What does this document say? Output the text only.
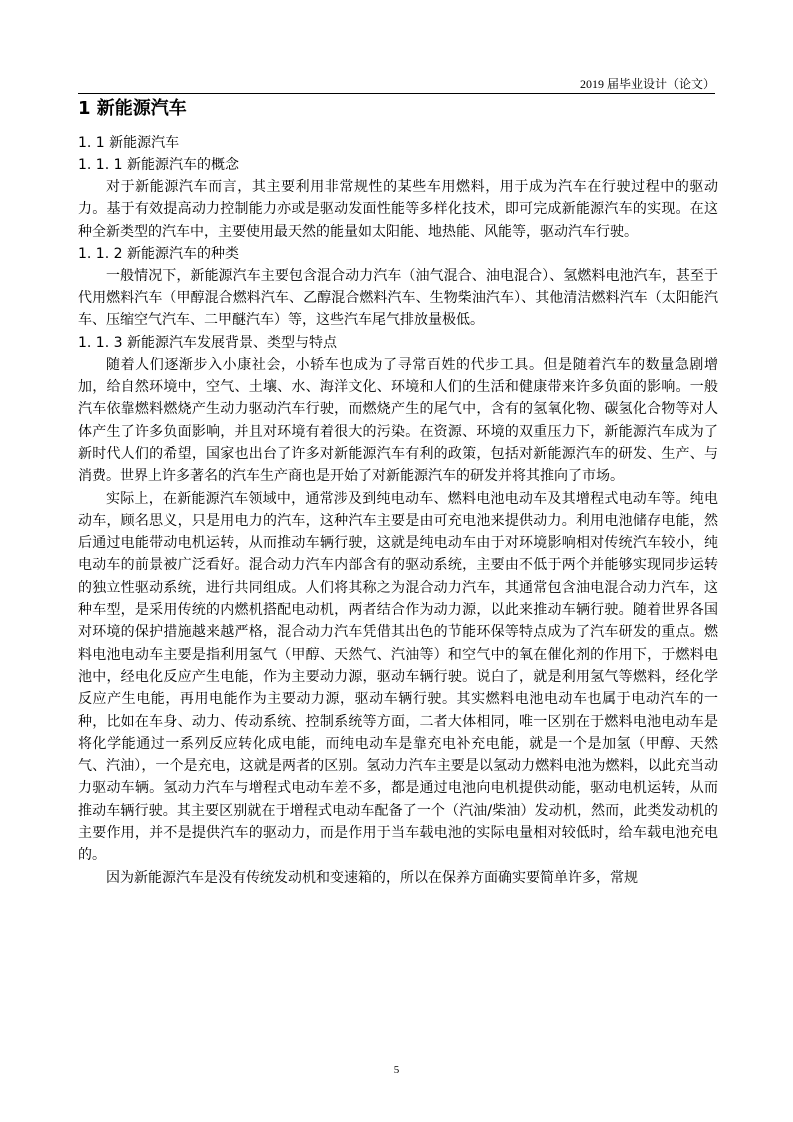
2019 届毕业设计（论文）
1 新能源汽车

1. 1 新能源汽车

1. 1. 1 新能源汽车的概念

对于新能源汽车而言，其主要利用非常规性的某些车用燃料，用于成为汽车在行驶过程中的驱动力。基于有效提高动力控制能力亦或是驱动发面性能等多样化技术，即可完成新能源汽车的实现。在这种全新类型的汽车中，主要使用最天然的能量如太阳能、地热能、风能等，驱动汽车行驶。

1. 1. 2 新能源汽车的种类

一般情况下，新能源汽车主要包含混合动力汽车（油气混合、油电混合）、氢燃料电池汽车，甚至于代用燃料汽车（甲醇混合燃料汽车、乙醇混合燃料汽车、生物柴油汽车）、其他清洁燃料汽车（太阳能汽车、压缩空气汽车、二甲醚汽车）等，这些汽车尾气排放量极低。

1. 1. 3 新能源汽车发展背景、类型与特点

随着人们逐渐步入小康社会，小轿车也成为了寻常百姓的代步工具。但是随着汽车的数量急剧增加，给自然环境中，空气、土壤、水、海洋文化、环境和人们的生活和健康带来许多负面的影响。一般汽车依靠燃料燃烧产生动力驱动汽车行驶，而燃烧产生的尾气中，含有的氢氧化物、碳氢化合物等对人体产生了许多负面影响，并且对环境有着很大的污染。在资源、环境的双重压力下，新能源汽车成为了新时代人们的希望，国家也出台了许多对新能源汽车有利的政策，包括对新能源汽车的研发、生产、与消费。世界上许多著名的汽车生产商也是开始了对新能源汽车的研发并将其推向了市场。

实际上，在新能源汽车领域中，通常涉及到纯电动车、燃料电池电动车及其增程式电动车等。纯电动车，顾名思义，只是用电力的汽车，这种汽车主要是由可充电池来提供动力。利用电池储存电能，然后通过电能带动电机运转，从而推动车辆行驶，这就是纯电动车由于对环境影响相对传统汽车较小，纯电动车的前景被广泛看好。混合动力汽车内部含有的驱动系统，主要由不低于两个并能够实现同步运转的独立性驱动系统，进行共同组成。人们将其称之为混合动力汽车，其通常包含油电混合动力汽车，这种车型，是采用传统的内燃机搭配电动机，两者结合作为动力源，以此来推动车辆行驶。随着世界各国对环境的保护措施越来越严格，混合动力汽车凭借其出色的节能环保等特点成为了汽车研发的重点。燃料电池电动车主要是指利用氢气（甲醇、天然气、汽油等）和空气中的氧在催化剂的作用下，于燃料电池中，经电化反应产生电能，作为主要动力源，驱动车辆行驶。说白了，就是利用氢气等燃料，经化学反应产生电能，再用电能作为主要动力源，驱动车辆行驶。其实燃料电池电动车也属于电动汽车的一种，比如在车身、动力、传动系统、控制系统等方面，二者大体相同，唯一区别在于燃料电池电动车是将化学能通过一系列反应转化成电能，而纯电动车是靠充电补充电能，就是一个是加氢（甲醇、天然气、汽油），一个是充电，这就是两者的区别。氢动力汽车主要是以氢动力燃料电池为燃料，以此充当动力驱动车辆。氢动力汽车与增程式电动车差不多，都是通过电池向电机提供动能，驱动电机运转，从而推动车辆行驶。其主要区别就在于增程式电动车配备了一个（汽油/柴油）发动机，然而，此类发动机的主要作用，并不是提供汽车的驱动力，而是作用于当车载电池的实际电量相对较低时，给车载电池充电的。

因为新能源汽车是没有传统发动机和变速箱的，所以在保养方面确实要简单许多，常规

5
